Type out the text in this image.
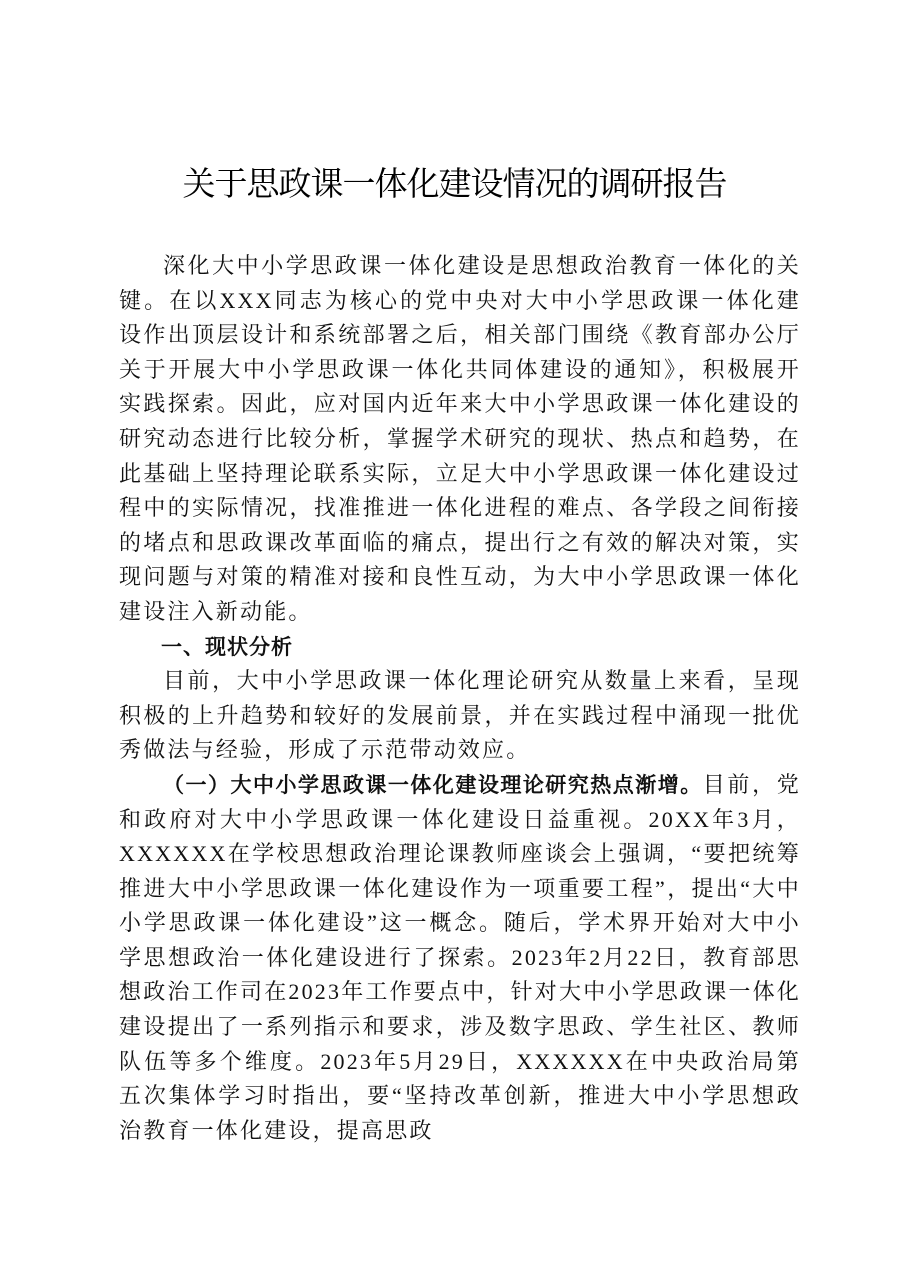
关于思政课一体化建设情况的调研报告

深化大中小学思政课一体化建设是思想政治教育一体化的关键。在以XXX同志为核心的党中央对大中小学思政课一体化建设作出顶层设计和系统部署之后，相关部门围绕《教育部办公厅关于开展大中小学思政课一体化共同体建设的通知》，积极展开实践探索。因此，应对国内近年来大中小学思政课一体化建设的研究动态进行比较分析，掌握学术研究的现状、热点和趋势，在此基础上坚持理论联系实际，立足大中小学思政课一体化建设过程中的实际情况，找准推进一体化进程的难点、各学段之间衔接的堵点和思政课改革面临的痛点，提出行之有效的解决对策，实现问题与对策的精准对接和良性互动，为大中小学思政课一体化建设注入新动能。

一、现状分析

目前，大中小学思政课一体化理论研究从数量上来看，呈现积极的上升趋势和较好的发展前景，并在实践过程中涌现一批优秀做法与经验，形成了示范带动效应。

（一）大中小学思政课一体化建设理论研究热点渐增。目前，党和政府对大中小学思政课一体化建设日益重视。20XX年3月，XXXXXX在学校思想政治理论课教师座谈会上强调，“要把统筹推进大中小学思政课一体化建设作为一项重要工程”，提出“大中小学思政课一体化建设”这一概念。随后，学术界开始对大中小学思想政治一体化建设进行了探索。2023年2月22日，教育部思想政治工作司在2023年工作要点中，针对大中小学思政课一体化建设提出了一系列指示和要求，涉及数字思政、学生社区、教师队伍等多个维度。2023年5月29日，XXXXXX在中央政治局第五次集体学习时指出，要“坚持改革创新，推进大中小学思想政治教育一体化建设，提高思政
